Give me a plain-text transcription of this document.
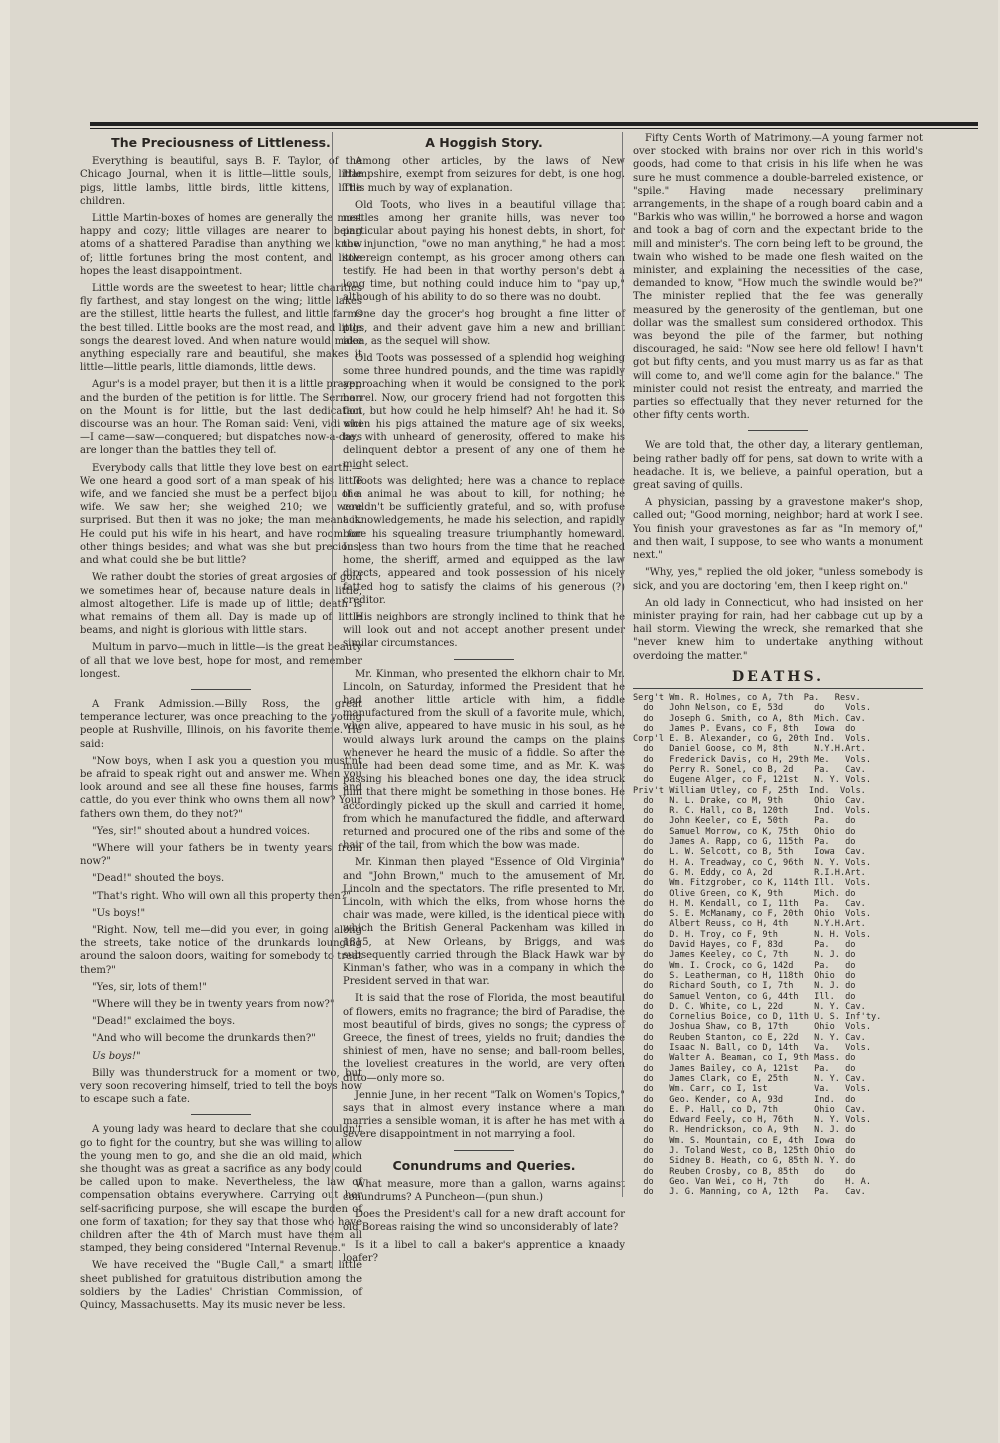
The Preciousness of Littleness.

Everything is beautiful, says B. F. Taylor, of the Chicago Journal, when it is little—little souls, little pigs, little lambs, little birds, little kittens, little children.

Little Martin-boxes of homes are generally the most happy and cozy; little villages are nearer to being atoms of a shattered Paradise than anything we know of; little fortunes bring the most content, and little hopes the least disappointment.

Little words are the sweetest to hear; little charities fly farthest, and stay longest on the wing; little lakes are the stillest, little hearts the fullest, and little farms the best tilled. Little books are the most read, and little songs the dearest loved. And when nature would make anything especially rare and beautiful, she makes it little—little pearls, little diamonds, little dews.

Agur's is a model prayer, but then it is a little prayer, and the burden of the petition is for little. The Sermon on the Mount is for little, but the last dedication discourse was an hour. The Roman said: Veni, vidi vici—I came—saw—conquered; but dispatches now-a-days are longer than the battles they tell of.

Everybody calls that little they love best on earth.—We one heard a good sort of a man speak of his little wife, and we fancied she must be a perfect bijou of a wife. We saw her; she weighed 210; we were surprised. But then it was no joke; the man meant it. He could put his wife in his heart, and have room for other things besides; and what was she but precious, and what could she be but little?

We rather doubt the stories of great argosies of gold we sometimes hear of, because nature deals in little, almost altogether. Life is made up of little; death is what remains of them all. Day is made up of little beams, and night is glorious with little stars.

Multum in parvo—much in little—is the great beauty of all that we love best, hope for most, and remember longest.

A Frank Admission.—Billy Ross, the great temperance lecturer, was once preaching to the young people at Rushville, Illinois, on his favorite theme. He said:

"Now boys, when I ask you a question you must'nt be afraid to speak right out and answer me. When you look around and see all these fine houses, farms and cattle, do you ever think who owns them all now? Your fathers own them, do they not?"

"Yes, sir!" shouted about a hundred voices.

"Where will your fathers be in twenty years from now?"

"Dead!" shouted the boys.

"That's right. Who will own all this property then?"

"Us boys!"

"Right. Now, tell me—did you ever, in going along the streets, take notice of the drunkards lounging around the saloon doors, waiting for somebody to treat them?"

"Yes, sir, lots of them!"

"Where will they be in twenty years from now?"

"Dead!" exclaimed the boys.

"And who will become the drunkards then?"

Us boys!"

Billy was thunderstruck for a moment or two, but very soon recovering himself, tried to tell the boys how to escape such a fate.

A young lady was heard to declare that she couldn't go to fight for the country, but she was willing to allow the young men to go, and she die an old maid, which she thought was as great a sacrifice as any body could be called upon to make. Nevertheless, the law of compensation obtains everywhere. Carrying out her self-sacrificing purpose, she will escape the burden of one form of taxation; for they say that those who have children after the 4th of March must have them all stamped, they being considered "Internal Revenue."

We have received the "Bugle Call," a smart little sheet published for gratuitous distribution among the soldiers by the Ladies' Christian Commission, of Quincy, Massachusetts. May its music never be less.

A Hoggish Story.

Among other articles, by the laws of New Hampshire, exempt from seizures for debt, is one hog. This much by way of explanation.

Old Toots, who lives in a beautiful village that nestles among her granite hills, was never too particular about paying his honest debts, in short, for the injunction, "owe no man anything," he had a most sovereign contempt, as his grocer among others can testify. He had been in that worthy person's debt a long time, but nothing could induce him to "pay up," although of his ability to do so there was no doubt.

One day the grocer's hog brought a fine litter of pigs, and their advent gave him a new and brilliant idea, as the sequel will show.

Old Toots was possessed of a splendid hog weighing some three hundred pounds, and the time was rapidly approaching when it would be consigned to the pork barrel. Now, our grocery friend had not forgotten this fact, but how could he help himself? Ah! he had it. So when his pigs attained the mature age of six weeks, he, with unheard of generosity, offered to make his delinquent debtor a present of any one of them he might select.

Toots was delighted; here was a chance to replace the animal he was about to kill, for nothing; he couldn't be sufficiently grateful, and so, with profuse acknowledgements, he made his selection, and rapidly bore his squealing treasure triumphantly homeward. In less than two hours from the time that he reached home, the sheriff, armed and equipped as the law directs, appeared and took possession of his nicely fatted hog to satisfy the claims of his generous (?) creditor.

His neighbors are strongly inclined to think that he will look out and not accept another present under similar circumstances.

Mr. Kinman, who presented the elkhorn chair to Mr. Lincoln, on Saturday, informed the President that he had another little article with him, a fiddle manufactured from the skull of a favorite mule, which, when alive, appeared to have music in his soul, as he would always lurk around the camps on the plains whenever he heard the music of a fiddle. So after the mule had been dead some time, and as Mr. K. was passing his bleached bones one day, the idea struck him that there might be something in those bones. He accordingly picked up the skull and carried it home, from which he manufactured the fiddle, and afterward returned and procured one of the ribs and some of the hair of the tail, from which the bow was made.

Mr. Kinman then played "Essence of Old Virginia" and "John Brown," much to the amusement of Mr. Lincoln and the spectators. The rifle presented to Mr. Lincoln, with which the elks, from whose horns the chair was made, were killed, is the identical piece with which the British General Packenham was killed in 1815, at New Orleans, by Briggs, and was subsequently carried through the Black Hawk war by Kinman's father, who was in a company in which the President served in that war.

It is said that the rose of Florida, the most beautiful of flowers, emits no fragrance; the bird of Paradise, the most beautiful of birds, gives no songs; the cypress of Greece, the finest of trees, yields no fruit; dandies the shiniest of men, have no sense; and ball-room belles, the loveliest creatures in the world, are very often ditto—only more so.

Jennie June, in her recent "Talk on Women's Topics," says that in almost every instance where a man marries a sensible woman, it is after he has met with a severe disappointment in not marrying a fool.

Conundrums and Queries.

What measure, more than a gallon, warns against conundrums? A Puncheon—(pun shun.)

Does the President's call for a new draft account for old Boreas raising the wind so unconsiderably of late?

Is it a libel to call a baker's apprentice a knaady loafer?

Fifty Cents Worth of Matrimony.—A young farmer not over stocked with brains nor over rich in this world's goods, had come to that crisis in his life when he was sure he must commence a double-barreled existence, or "spile." Having made necessary preliminary arrangements, in the shape of a rough board cabin and a "Barkis who was willin," he borrowed a horse and wagon and took a bag of corn and the expectant bride to the mill and minister's. The corn being left to be ground, the twain who wished to be made one flesh waited on the minister, and explaining the necessities of the case, demanded to know, "How much the swindle would be?" The minister replied that the fee was generally measured by the generosity of the gentleman, but one dollar was the smallest sum considered orthodox. This was beyond the pile of the farmer, but nothing discouraged, he said: "Now see here old fellow! I havn't got but fifty cents, and you must marry us as far as that will come to, and we'll come agin for the balance." The minister could not resist the entreaty, and married the parties so effectually that they never returned for the other fifty cents worth.

We are told that, the other day, a literary gentleman, being rather badly off for pens, sat down to write with a headache. It is, we believe, a painful operation, but a great saving of quills.

A physician, passing by a gravestone maker's shop, called out; "Good morning, neighbor; hard at work I see. You finish your gravestones as far as "In memory of," and then wait, I suppose, to see who wants a monument next."

"Why, yes," replied the old joker, "unless somebody is sick, and you are doctoring 'em, then I keep right on."

An old lady in Connecticut, who had insisted on her minister praying for rain, had her cabbage cut up by a hail storm. Viewing the wreck, she remarked that she "never knew him to undertake anything without overdoing the matter."

DEATHS.
Serg't Wm. R. Holmes, co A, 7th  Pa.   Resv.
do   John Nelson, co E, 53d      do    Vols.
do   Joseph G. Smith, co A, 8th  Mich. Cav.
do   James P. Evans, co F, 8th   Iowa  do
Corp'l E. B. Alexander, co G, 20th Ind.  Vols.
do   Daniel Goose, co M, 8th     N.Y.H.Art.
do   Frederick Davis, co H, 29th Me.   Vols.
do   Perry R. Sonel, co B, 2d    Pa.   Cav.
do   Eugene Alger, co F, 121st   N. Y. Vols.
Priv't William Utley, co F, 25th  Ind.  Vols.
do   N. L. Drake, co M, 9th      Ohio  Cav.
do   R. C. Hall, co B, 120th     Ind.  Vols.
do   John Keeler, co E, 50th     Pa.   do
do   Samuel Morrow, co K, 75th   Ohio  do
do   James A. Rapp, co G, 115th  Pa.   do
do   L. W. Selcott, co B, 5th    Iowa  Cav.
do   H. A. Treadway, co C, 96th  N. Y. Vols.
do   G. M. Eddy, co A, 2d        R.I.H.Art.
do   Wm. Fitzgrober, co K, 114th Ill.  Vols.
do   Olive Green, co K, 9th      Mich. do
do   H. M. Kendall, co I, 11th   Pa.   Cav.
do   S. E. McManamy, co F, 20th  Ohio  Vols.
do   Albert Reuss, co H, 4th     N.Y.H.Art.
do   D. H. Troy, co F, 9th       N. H. Vols.
do   David Hayes, co F, 83d      Pa.   do
do   James Keeley, co C, 7th     N. J. do
do   Wm. I. Crock, co G, 142d    Pa.   do
do   S. Leatherman, co H, 118th  Ohio  do
do   Richard South, co I, 7th    N. J. do
do   Samuel Venton, co G, 44th   Ill.  do
do   D. C. White, co L, 22d      N. Y. Cav.
do   Cornelius Boice, co D, 11th U. S. Inf'ty.
do   Joshua Shaw, co B, 17th     Ohio  Vols.
do   Reuben Stanton, co E, 22d   N. Y. Cav.
do   Isaac N. Ball, co D, 14th   Va.   Vols.
do   Walter A. Beaman, co I, 9th Mass. do
do   James Bailey, co A, 121st   Pa.   do
do   James Clark, co E, 25th     N. Y. Cav.
do   Wm. Carr, co I, 1st         Va.   Vols.
do   Geo. Kender, co A, 93d      Ind.  do
do   E. P. Hall, co D, 7th       Ohio  Cav.
do   Edward Feely, co H, 76th    N. Y. Vols.
do   R. Hendrickson, co A, 9th   N. J. do
do   Wm. S. Mountain, co E, 4th  Iowa  do
do   J. Toland West, co B, 125th Ohio  do
do   Sidney B. Heath, co G, 85th N. Y. do
do   Reuben Crosby, co B, 85th   do    do
do   Geo. Van Wei, co H, 7th     do    H. A.
do   J. G. Manning, co A, 12th   Pa.   Cav.
